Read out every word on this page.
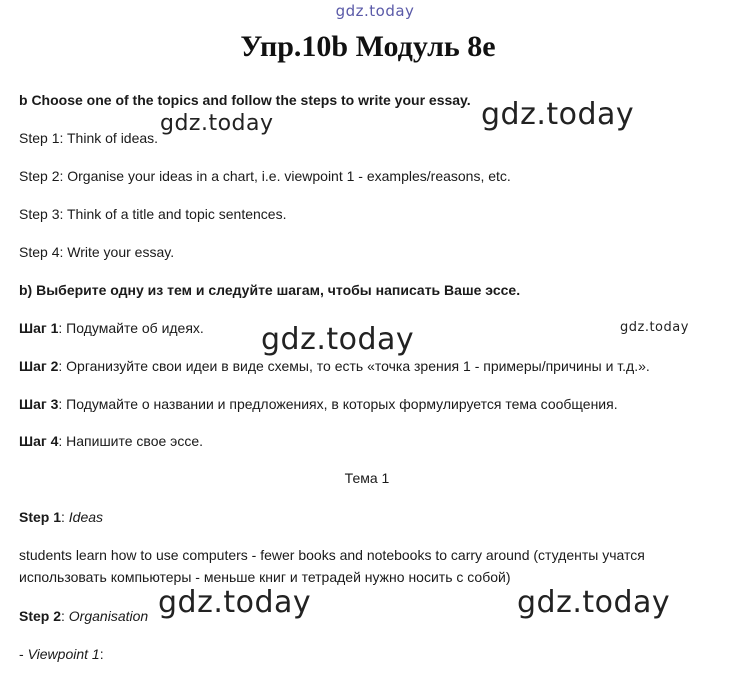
gdz.today
gdz.today	gdz.today
gdz.today	gdz.today
gdz.today	gdz.today
Упр.10b Модуль 8е
b Choose one of the topics and follow the steps to write your essay.
Step 1: Think of ideas.
Step 2: Organise your ideas in a chart, i.e. viewpoint 1 - examples/reasons, etc.
Step 3: Think of a title and topic sentences.
Step 4: Write your essay.
b) Выберите одну из тем и следуйте шагам, чтобы написать Ваше эссе.
Шаг 1: Подумайте об идеях.
Шаг 2: Организуйте свои идеи в виде схемы, то есть «точка зрения 1 - примеры/причины и т.д.».
Шаг 3: Подумайте о названии и предложениях, в которых формулируется тема сообщения.
Шаг 4: Напишите свое эссе.
Тема 1
Step 1: Ideas
students learn how to use computers - fewer books and notebooks to carry around (студенты учатся
использовать компьютеры - меньше книг и тетрадей нужно носить с собой)
Step 2: Organisation
- Viewpoint 1:
